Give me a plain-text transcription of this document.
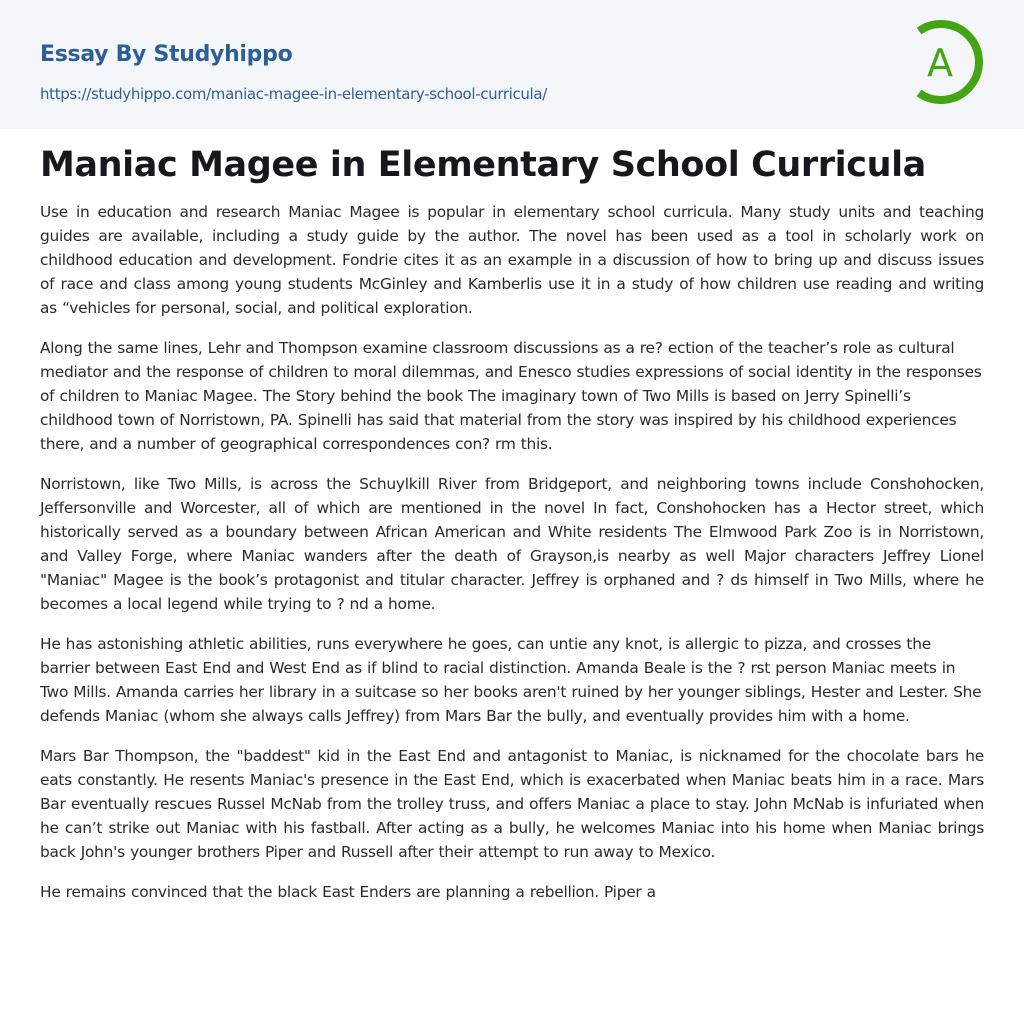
Essay By Studyhippo
https://studyhippo.com/maniac-magee-in-elementary-school-curricula/
A
Maniac Magee in Elementary School Curricula

Use in education and research Maniac Magee is popular in elementary school curricula. Many study units and teaching guides are available, including a study guide by the author. The novel has been used as a tool in scholarly work on childhood education and development. Fondrie cites it as an example in a discussion of how to bring up and discuss issues of race and class among young students McGinley and Kamberlis use it in a study of how children use reading and writing as “vehicles for personal, social, and political exploration.

Along the same lines, Lehr and Thompson examine classroom discussions as a re? ection of the teacher’s role as cultural mediator and the response of children to moral dilemmas, and Enesco studies expressions of social identity in the responses of children to Maniac Magee. The Story behind the book The imaginary town of Two Mills is based on Jerry Spinelli’s childhood town of Norristown, PA. Spinelli has said that material from the story was inspired by his childhood experiences there, and a number of geographical correspondences con? rm this.

Norristown, like Two Mills, is across the Schuylkill River from Bridgeport, and neighboring towns include Conshohocken, Jeffersonville and Worcester, all of which are mentioned in the novel In fact, Conshohocken has a Hector street, which historically served as a boundary between African American and White residents The Elmwood Park Zoo is in Norristown, and Valley Forge, where Maniac wanders after the death of Grayson,is nearby as well Major characters Jeffrey Lionel "Maniac" Magee is the book’s protagonist and titular character. Jeffrey is orphaned and ? ds himself in Two Mills, where he becomes a local legend while trying to ? nd a home.

He has astonishing athletic abilities, runs everywhere he goes, can untie any knot, is allergic to pizza, and crosses the barrier between East End and West End as if blind to racial distinction. Amanda Beale is the ? rst person Maniac meets in Two Mills. Amanda carries her library in a suitcase so her books aren't ruined by her younger siblings, Hester and Lester. She defends Maniac (whom she always calls Jeffrey) from Mars Bar the bully, and eventually provides him with a home.

Mars Bar Thompson, the "baddest" kid in the East End and antagonist to Maniac, is nicknamed for the chocolate bars he eats constantly. He resents Maniac's presence in the East End, which is exacerbated when Maniac beats him in a race. Mars Bar eventually rescues Russel McNab from the trolley truss, and offers Maniac a place to stay. John McNab is infuriated when he can’t strike out Maniac with his fastball. After acting as a bully, he welcomes Maniac into his home when Maniac brings back John's younger brothers Piper and Russell after their attempt to run away to Mexico.

He remains convinced that the black East Enders are planning a rebellion. Piper a
